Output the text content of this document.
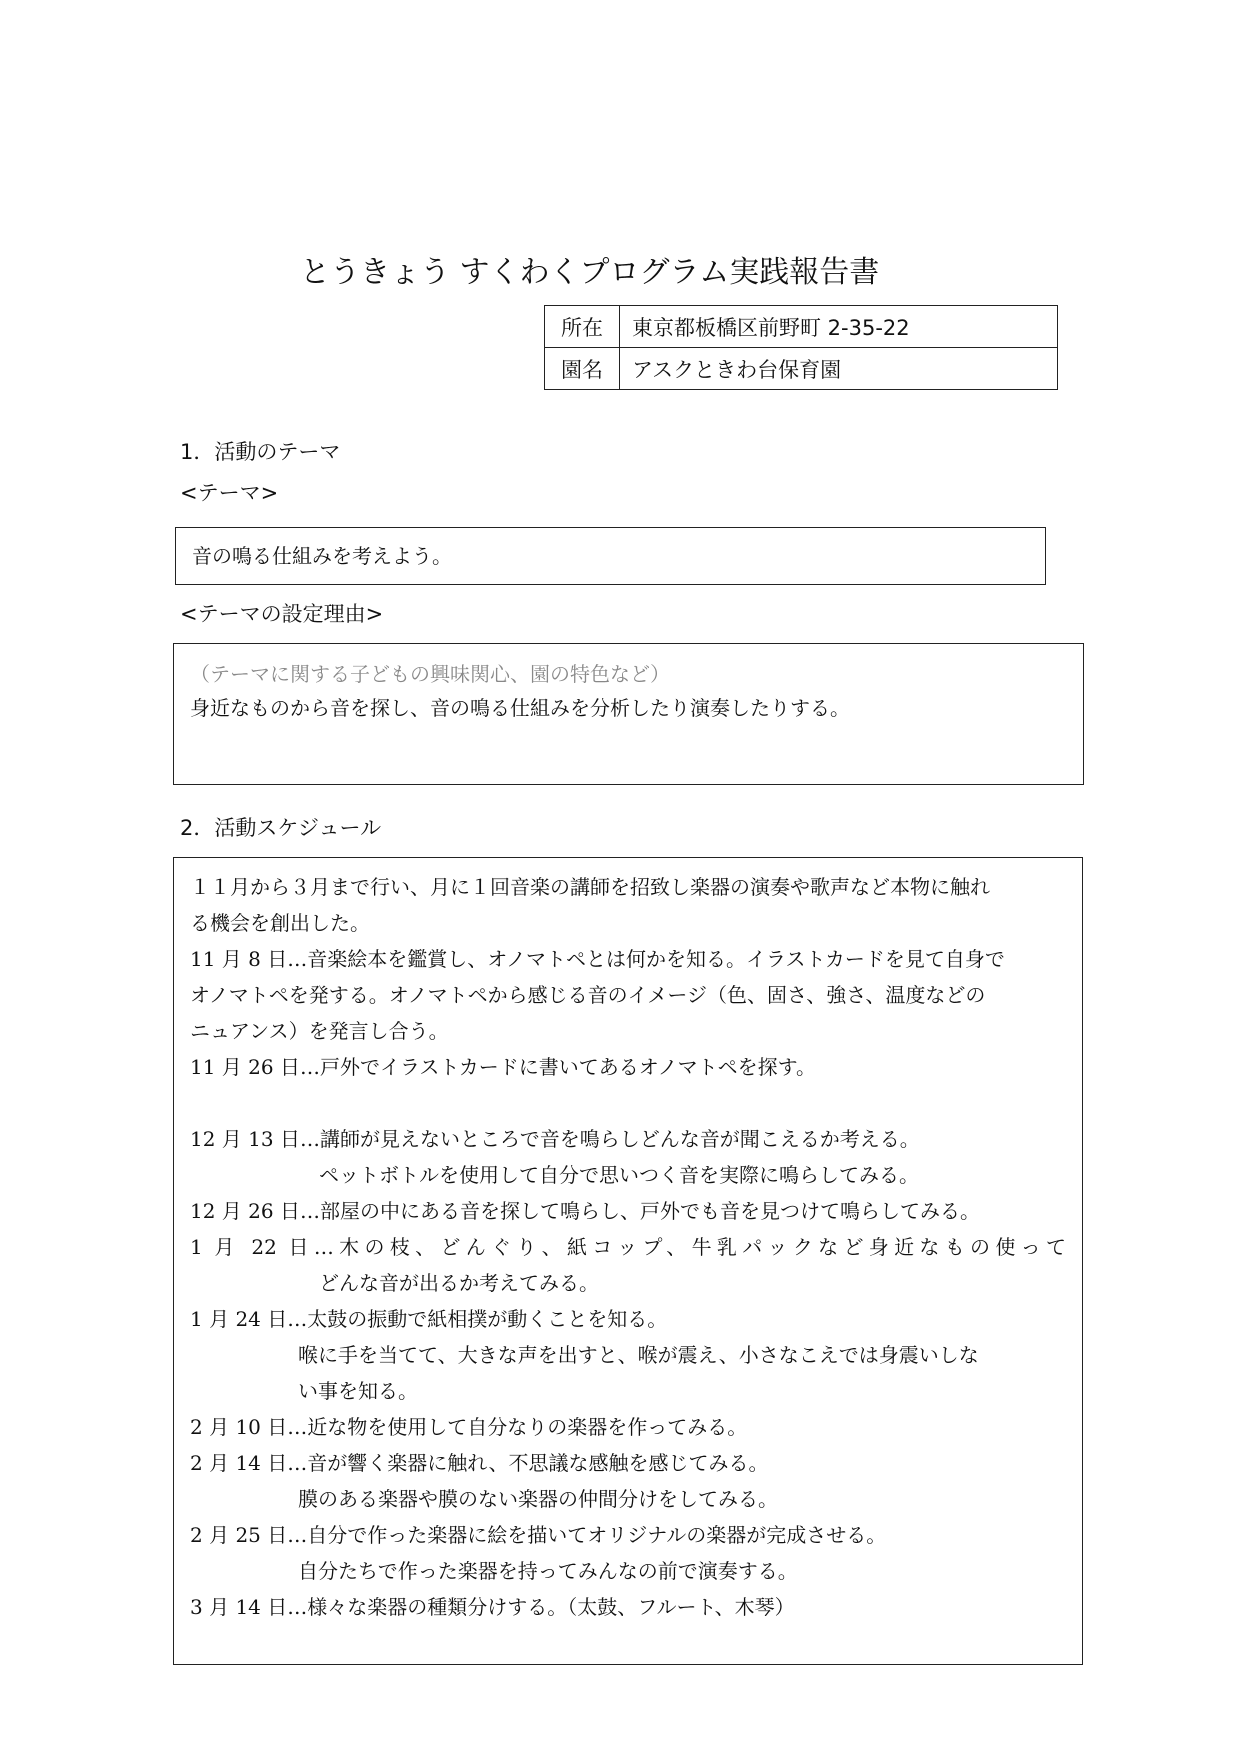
とうきょう すくわくプログラム実践報告書
所在	東京都板橋区前野町 2-35-22
園名	アスクときわ台保育園
1．活動のテーマ
<テーマ>
音の鳴る仕組みを考えよう。
<テーマの設定理由>
（テーマに関する子どもの興味関心、園の特色など）
身近なものから音を探し、音の鳴る仕組みを分析したり演奏したりする。
2．活動スケジュール
１１月から３月まで行い、月に１回音楽の講師を招致し楽器の演奏や歌声など本物に触れ
る機会を創出した。
11 月 8 日…音楽絵本を鑑賞し、オノマトペとは何かを知る。イラストカードを見て自身で
オノマトペを発する。オノマトペから感じる音のイメージ（色、固さ、強さ、温度などの
ニュアンス）を発言し合う。
11 月 26 日…戸外でイラストカードに書いてあるオノマトペを探す。
12 月 13 日…講師が見えないところで音を鳴らしどんな音が聞こえるか考える。
ペットボトルを使用して自分で思いつく音を実際に鳴らしてみる。
12 月 26 日…部屋の中にある音を探して鳴らし、戸外でも音を見つけて鳴らしてみる。
1 月 22 日…木の枝、どんぐり、紙コップ、牛乳パックなど身近なもの使って
どんな音が出るか考えてみる。
1 月 24 日…太鼓の振動で紙相撲が動くことを知る。
喉に手を当てて、大きな声を出すと、喉が震え、小さなこえでは身震いしな
い事を知る。
2 月 10 日…近な物を使用して自分なりの楽器を作ってみる。
2 月 14 日…音が響く楽器に触れ、不思議な感触を感じてみる。
膜のある楽器や膜のない楽器の仲間分けをしてみる。
2 月 25 日…自分で作った楽器に絵を描いてオリジナルの楽器が完成させる。
自分たちで作った楽器を持ってみんなの前で演奏する。
3 月 14 日…様々な楽器の種類分けする。（太鼓、フルート、木琴）
